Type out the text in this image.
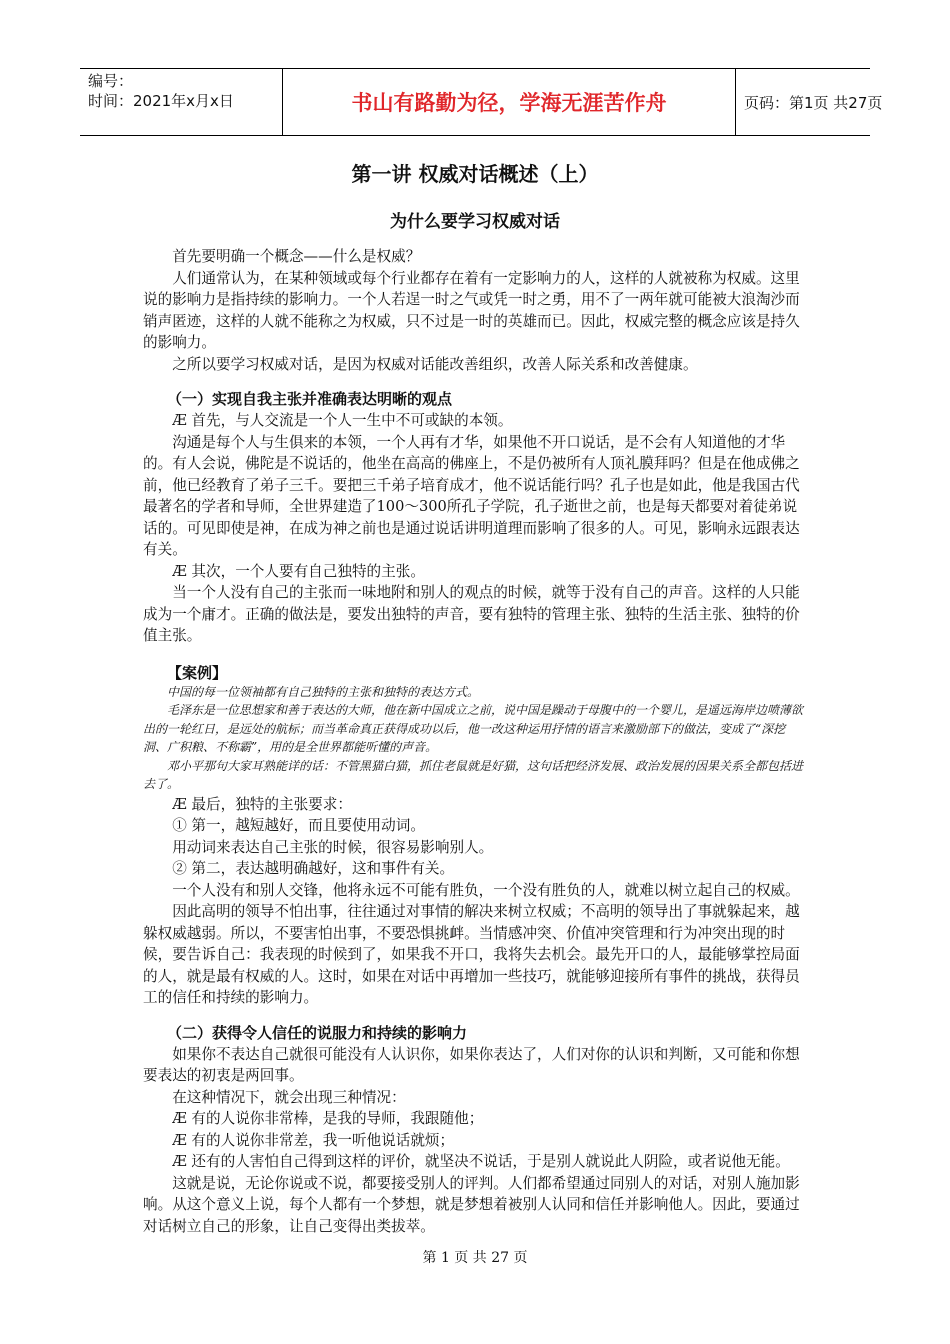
编号：
时间：2021年x月x日	书山有路勤为径，学海无涯苦作舟	页码：第1页 共27页
第一讲 权威对话概述（上）
为什么要学习权威对话

首先要明确一个概念——什么是权威？

人们通常认为，在某种领域或每个行业都存在着有一定影响力的人，这样的人就被称为权威。这里说的影响力是指持续的影响力。一个人若逞一时之气或凭一时之勇，用不了一两年就可能被大浪淘沙而销声匿迹，这样的人就不能称之为权威，只不过是一时的英雄而已。因此，权威完整的概念应该是持久的影响力。

之所以要学习权威对话，是因为权威对话能改善组织，改善人际关系和改善健康。

（一）实现自我主张并准确表达明晰的观点

Æ 首先，与人交流是一个人一生中不可或缺的本领。

沟通是每个人与生俱来的本领，一个人再有才华，如果他不开口说话，是不会有人知道他的才华的。有人会说，佛陀是不说话的，他坐在高高的佛座上，不是仍被所有人顶礼膜拜吗？但是在他成佛之前，他已经教育了弟子三千。要把三千弟子培育成才，他不说话能行吗？孔子也是如此，他是我国古代最著名的学者和导师，全世界建造了100～300所孔子学院，孔子逝世之前，也是每天都要对着徒弟说话的。可见即使是神，在成为神之前也是通过说话讲明道理而影响了很多的人。可见，影响永远跟表达有关。

Æ 其次，一个人要有自己独特的主张。

当一个人没有自己的主张而一味地附和别人的观点的时候，就等于没有自己的声音。这样的人只能成为一个庸才。正确的做法是，要发出独特的声音，要有独特的管理主张、独特的生活主张、独特的价值主张。

【案例】

中国的每一位领袖都有自己独特的主张和独特的表达方式。

毛泽东是一位思想家和善于表达的大师，他在新中国成立之前，说中国是躁动于母腹中的一个婴儿，是遥远海岸边喷薄欲出的一轮红日，是远处的航标；而当革命真正获得成功以后，他一改这种运用抒情的语言来激励部下的做法，变成了“深挖洞、广积粮、不称霸”，用的是全世界都能听懂的声音。

邓小平那句大家耳熟能详的话：不管黑猫白猫，抓住老鼠就是好猫，这句话把经济发展、政治发展的因果关系全都包括进去了。

Æ 最后，独特的主张要求：

① 第一，越短越好，而且要使用动词。

用动词来表达自己主张的时候，很容易影响别人。

② 第二，表达越明确越好，这和事件有关。

一个人没有和别人交锋，他将永远不可能有胜负，一个没有胜负的人，就难以树立起自己的权威。

因此高明的领导不怕出事，往往通过对事情的解决来树立权威；不高明的领导出了事就躲起来，越躲权威越弱。所以，不要害怕出事，不要恐惧挑衅。当情感冲突、价值冲突管理和行为冲突出现的时候，要告诉自己：我表现的时候到了，如果我不开口，我将失去机会。最先开口的人，最能够掌控局面的人，就是最有权威的人。这时，如果在对话中再增加一些技巧，就能够迎接所有事件的挑战，获得员工的信任和持续的影响力。

（二）获得令人信任的说服力和持续的影响力

如果你不表达自己就很可能没有人认识你，如果你表达了，人们对你的认识和判断，又可能和你想要表达的初衷是两回事。

在这种情况下，就会出现三种情况：

Æ 有的人说你非常棒，是我的导师，我跟随他；

Æ 有的人说你非常差，我一听他说话就烦；

Æ 还有的人害怕自己得到这样的评价，就坚决不说话，于是别人就说此人阴险，或者说他无能。

这就是说，无论你说或不说，都要接受别人的评判。人们都希望通过同别人的对话，对别人施加影响。从这个意义上说，每个人都有一个梦想，就是梦想着被别人认同和信任并影响他人。因此，要通过对话树立自己的形象，让自己变得出类拔萃。

第 1 页 共 27 页
